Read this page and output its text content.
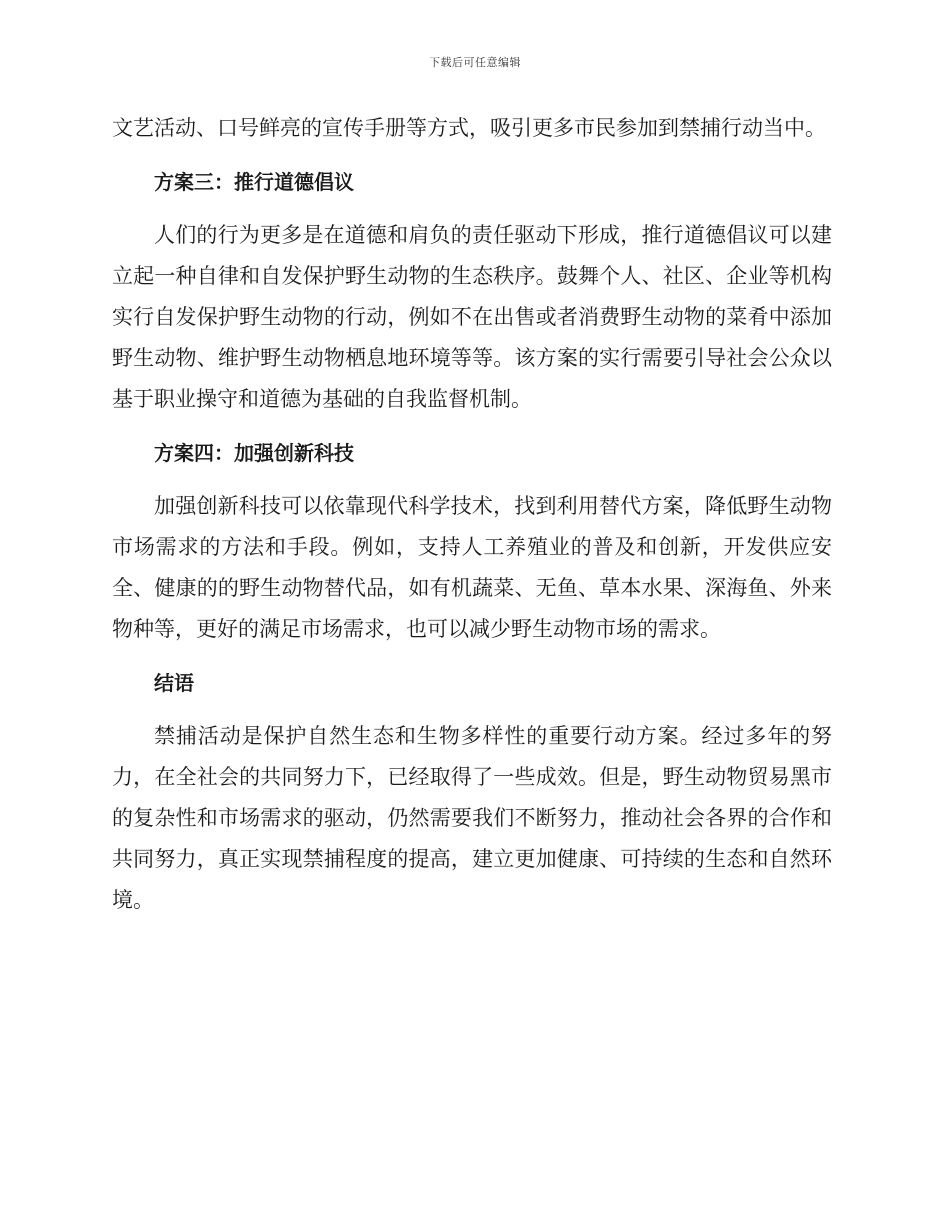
下载后可任意编辑

文艺活动、口号鲜亮的宣传手册等方式，吸引更多市民参加到禁捕行动当中。

方案三：推行道德倡议

人们的行为更多是在道德和肩负的责任驱动下形成，推行道德倡议可以建立起一种自律和自发保护野生动物的生态秩序。鼓舞个人、社区、企业等机构实行自发保护野生动物的行动，例如不在出售或者消费野生动物的菜肴中添加野生动物、维护野生动物栖息地环境等等。该方案的实行需要引导社会公众以基于职业操守和道德为基础的自我监督机制。

方案四：加强创新科技

加强创新科技可以依靠现代科学技术，找到利用替代方案，降低野生动物市场需求的方法和手段。例如，支持人工养殖业的普及和创新，开发供应安全、健康的的野生动物替代品，如有机蔬菜、无鱼、草本水果、深海鱼、外来物种等，更好的满足市场需求，也可以减少野生动物市场的需求。

结语

禁捕活动是保护自然生态和生物多样性的重要行动方案。经过多年的努力，在全社会的共同努力下，已经取得了一些成效。但是，野生动物贸易黑市的复杂性和市场需求的驱动，仍然需要我们不断努力，推动社会各界的合作和共同努力，真正实现禁捕程度的提高，建立更加健康、可持续的生态和自然环境。
